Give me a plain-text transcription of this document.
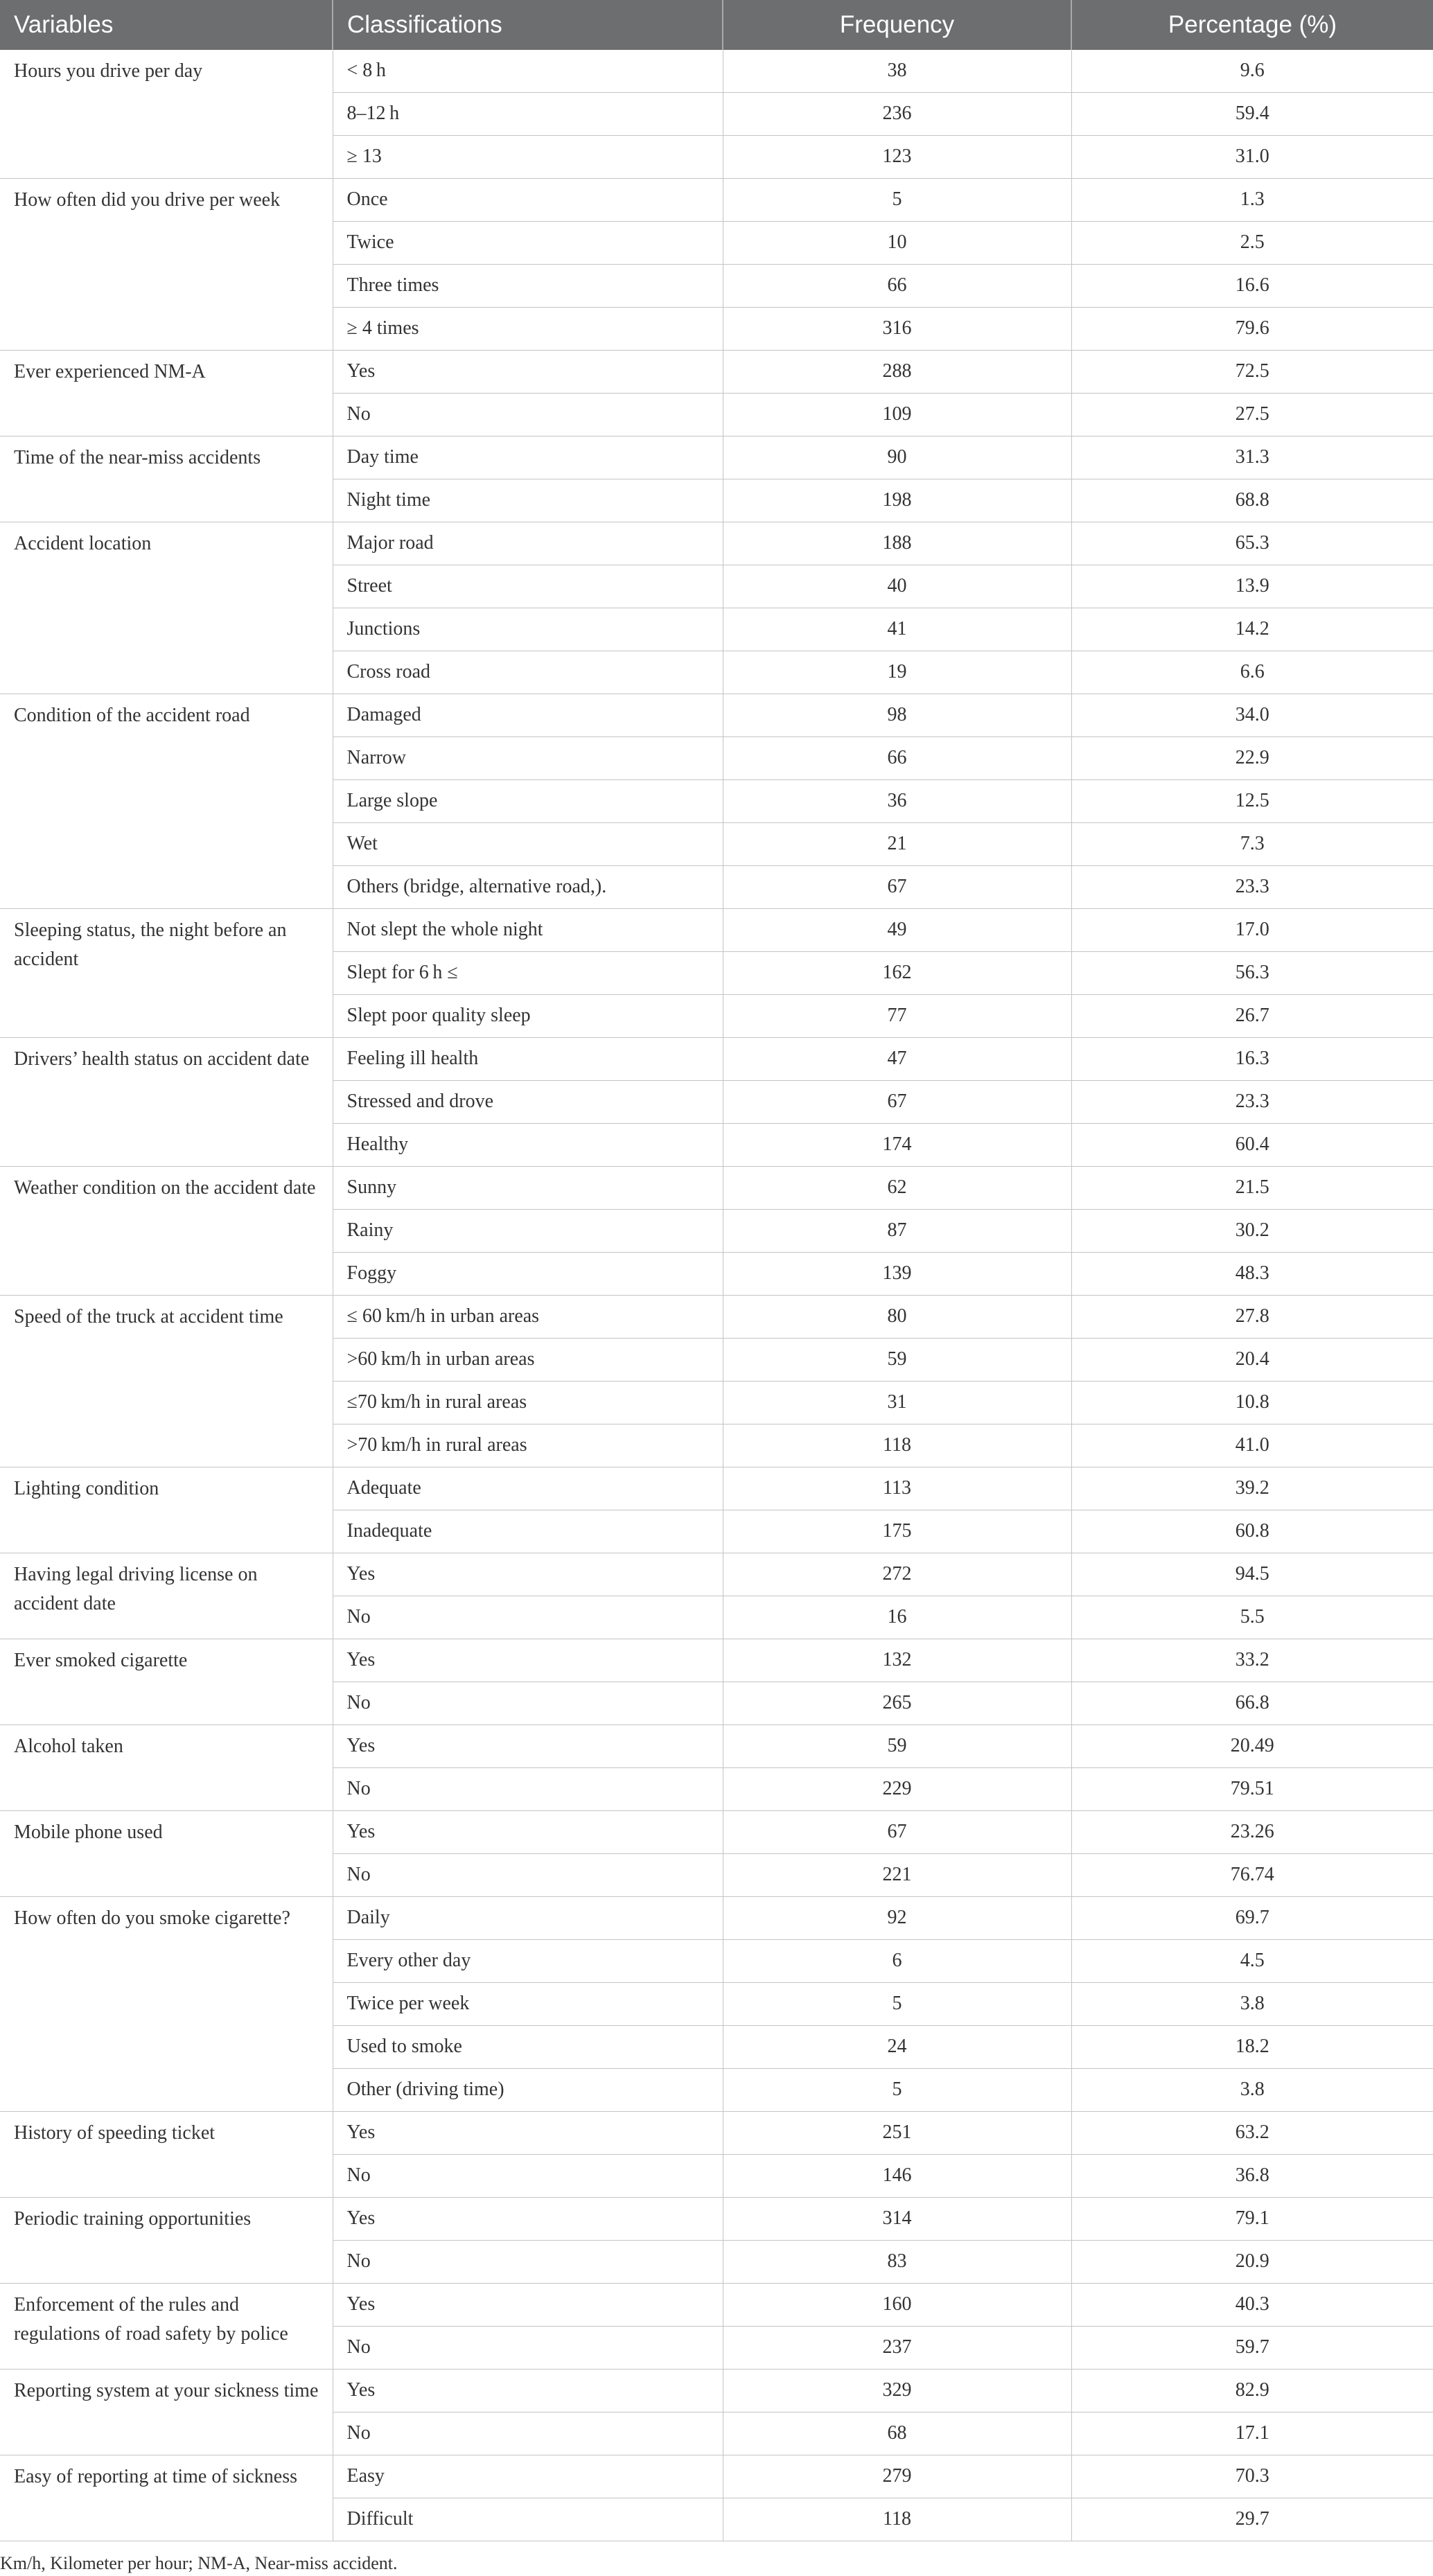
Variables	Classifications	Frequency	Percentage (%)
Hours you drive per day	< 8 h	38	9.6
	8–12 h	236	59.4
	≥ 13	123	31.0
How often did you drive per week	Once	5	1.3
	Twice	10	2.5
	Three times	66	16.6
	≥ 4 times	316	79.6
Ever experienced NM-A	Yes	288	72.5
	No	109	27.5
Time of the near-miss accidents	Day time	90	31.3
	Night time	198	68.8
Accident location	Major road	188	65.3
	Street	40	13.9
	Junctions	41	14.2
	Cross road	19	6.6
Condition of the accident road	Damaged	98	34.0
	Narrow	66	22.9
	Large slope	36	12.5
	Wet	21	7.3
	Others (bridge, alternative road,).	67	23.3
Sleeping status, the night before an accident	Not slept the whole night	49	17.0
	Slept for 6 h ≤	162	56.3
	Slept poor quality sleep	77	26.7
Drivers’ health status on accident date	Feeling ill health	47	16.3
	Stressed and drove	67	23.3
	Healthy	174	60.4
Weather condition on the accident date	Sunny	62	21.5
	Rainy	87	30.2
	Foggy	139	48.3
Speed of the truck at accident time	≤ 60 km/h in urban areas	80	27.8
	>60 km/h in urban areas	59	20.4
	≤70 km/h in rural areas	31	10.8
	>70 km/h in rural areas	118	41.0
Lighting condition	Adequate	113	39.2
	Inadequate	175	60.8
Having legal driving license on accident date	Yes	272	94.5
	No	16	5.5
Ever smoked cigarette	Yes	132	33.2
	No	265	66.8
Alcohol taken	Yes	59	20.49
	No	229	79.51
Mobile phone used	Yes	67	23.26
	No	221	76.74
How often do you smoke cigarette?	Daily	92	69.7
	Every other day	6	4.5
	Twice per week	5	3.8
	Used to smoke	24	18.2
	Other (driving time)	5	3.8
History of speeding ticket	Yes	251	63.2
	No	146	36.8
Periodic training opportunities	Yes	314	79.1
	No	83	20.9
Enforcement of the rules and regulations of road safety by police	Yes	160	40.3
	No	237	59.7
Reporting system at your sickness time	Yes	329	82.9
	No	68	17.1
Easy of reporting at time of sickness	Easy	279	70.3
	Difficult	118	29.7
Km/h, Kilometer per hour; NM-A, Near-miss accident.
